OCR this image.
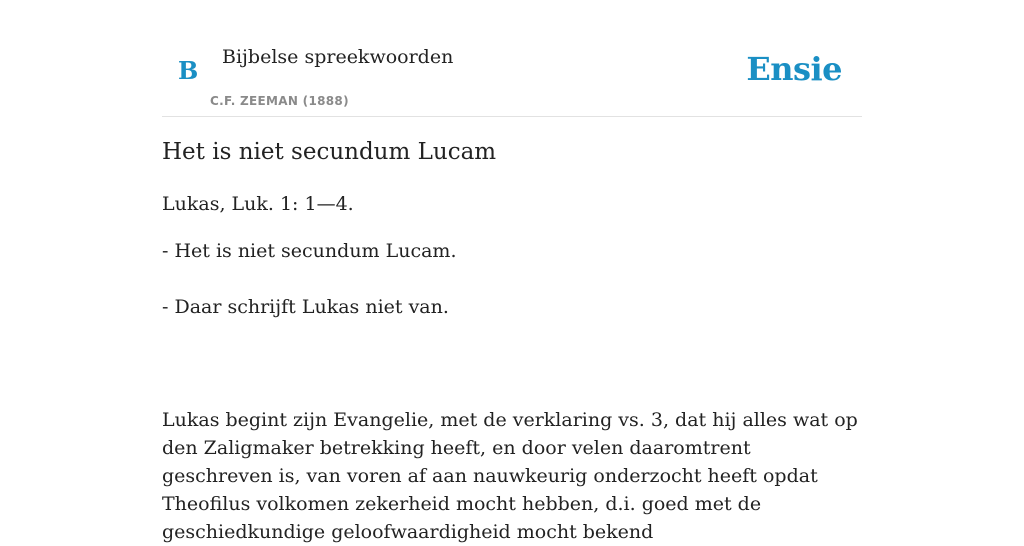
B Bijbelse spreekwoorden
C.F. ZEEMAN (1888)
Ensie
Het is niet secundum Lucam
Lukas, Luk. 1: 1—4.
- Het is niet secundum Lucam.
- Daar schrijft Lukas niet van.

Lukas begint zijn Evangelie, met de verklaring vs. 3, dat hij alles wat op den Zaligmaker betrekking heeft, en door velen daaromtrent geschreven is, van voren af aan nauwkeurig onderzocht heeft opdat Theofilus volkomen zekerheid mocht hebben, d.i. goed met de geschiedkundige geloofwaardigheid mocht bekend
